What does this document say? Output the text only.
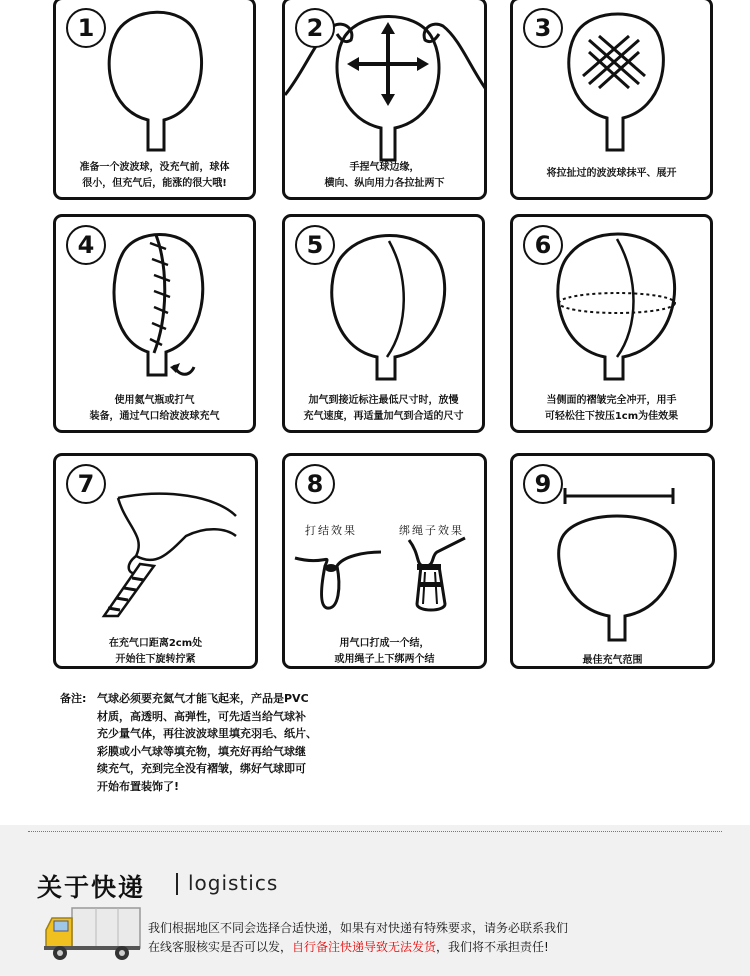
1
准备一个波波球，没充气前，球体
很小，但充气后，能涨的很大哦!
2
手捏气球边缘，
横向、纵向用力各拉扯两下
3
将拉扯过的波波球抹平、展开
4
使用氦气瓶或打气
装备，通过气口给波波球充气
5
加气到接近标注最低尺寸时，放慢
充气速度，再适量加气到合适的尺寸
6
当侧面的褶皱完全冲开，用手
可轻松往下按压1cm为佳效果
7
在充气口距离2cm处
开始往下旋转拧紧
8
打结效果	绑绳子效果
用气口打成一个结，
或用绳子上下绑两个结
9
最佳充气范围
备注: 气球必须要充氦气才能飞起来，产品是PVC
材质，高透明、高弹性，可先适当给气球补
充少量气体，再往波波球里填充羽毛、纸片、
彩膜或小气球等填充物，填充好再给气球继
续充气，充到完全没有褶皱，绑好气球即可
开始布置装饰了!
关于快递 logistics
我们根据地区不同会选择合适快递，如果有对快递有特殊要求，请务必联系我们
在线客服核实是否可以发，自行备注快递导致无法发货，我们将不承担责任!
